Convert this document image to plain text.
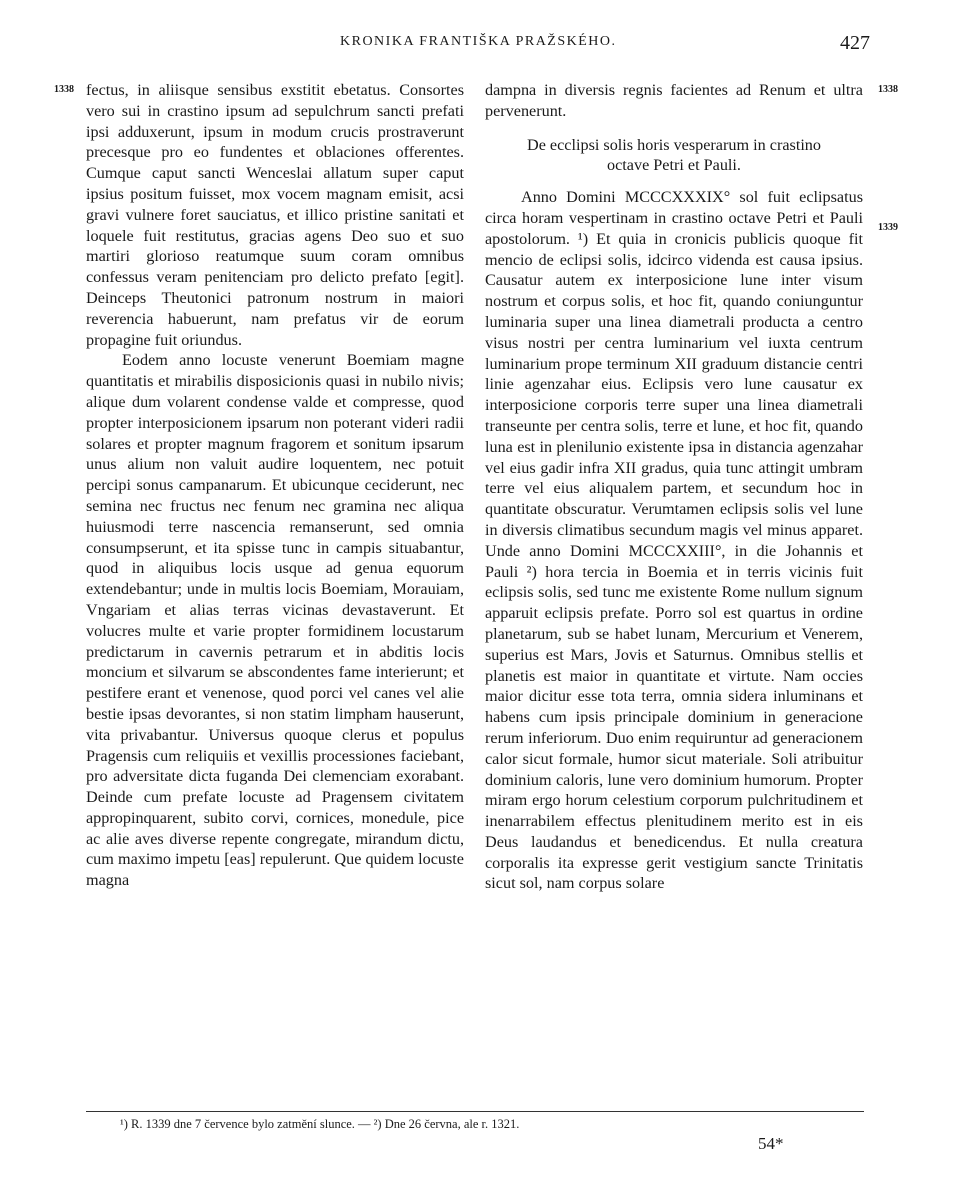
KRONIKA FRANTIŠKA PRAŽSKÉHO.	427
1338	1338
1339

fectus, in aliisque sensibus exstitit ebetatus. Consortes vero sui in crastino ipsum ad sepulchrum sancti prefati ipsi adduxerunt, ipsum in modum crucis prostraverunt precesque pro eo fundentes et oblaciones offerentes. Cumque caput sancti Wenceslai allatum super caput ipsius positum fuisset, mox vocem magnam emisit, acsi gravi vulnere foret sauciatus, et illico pristine sanitati et loquele fuit restitutus, gracias agens Deo suo et suo martiri glorioso reatumque suum coram omnibus confessus veram penitenciam pro delicto prefato [egit]. Deinceps Theutonici patronum nostrum in maiori reverencia habuerunt, nam prefatus vir de eorum propagine fuit oriundus.

Eodem anno locuste venerunt Boemiam magne quantitatis et mirabilis disposicionis quasi in nubilo nivis; alique dum volarent condense valde et compresse, quod propter interposicionem ipsarum non poterant videri radii solares et propter magnum fragorem et sonitum ipsarum unus alium non valuit audire loquentem, nec potuit percipi sonus campanarum. Et ubicunque ceciderunt, nec semina nec fructus nec fenum nec gramina nec aliqua huiusmodi terre nascencia remanserunt, sed omnia consumpserunt, et ita spisse tunc in campis situabantur, quod in aliquibus locis usque ad genua equorum extendebantur; unde in multis locis Boemiam, Morauiam, Vngariam et alias terras vicinas devastaverunt. Et volucres multe et varie propter formidinem locustarum predictarum in cavernis petrarum et in abditis locis moncium et silvarum se abscondentes fame interierunt; et pestifere erant et venenose, quod porci vel canes vel alie bestie ipsas devorantes, si non statim limpham hauserunt, vita privabantur. Universus quoque clerus et populus Pragensis cum reliquiis et vexillis processiones faciebant, pro adversitate dicta fuganda Dei clemenciam exorabant. Deinde cum prefate locuste ad Pragensem civitatem appropinquarent, subito corvi, cornices, monedule, pice ac alie aves diverse repente congregate, mirandum dictu, cum maximo impetu [eas] repulerunt. Que quidem locuste magna

dampna in diversis regnis facientes ad Renum et ultra pervenerunt.

De ecclipsi solis horis vesperarum in crastino
octave Petri et Pauli.

Anno Domini MCCCXXXIX° sol fuit eclipsatus circa horam vespertinam in crastino octave Petri et Pauli apostolorum. ¹) Et quia in cronicis publicis quoque fit mencio de eclipsi solis, idcirco videnda est causa ipsius. Causatur autem ex interposicione lune inter visum nostrum et corpus solis, et hoc fit, quando coniunguntur luminaria super una linea diametrali producta a centro visus nostri per centra luminarium vel iuxta centrum luminarium prope terminum XII graduum distancie centri linie agenzahar eius. Eclipsis vero lune causatur ex interposicione corporis terre super una linea diametrali transeunte per centra solis, terre et lune, et hoc fit, quando luna est in plenilunio existente ipsa in distancia agenzahar vel eius gadir infra XII gradus, quia tunc attingit umbram terre vel eius aliqualem partem, et secundum hoc in quantitate obscuratur. Verumtamen eclipsis solis vel lune in diversis climatibus secundum magis vel minus apparet. Unde anno Domini MCCCXXIII°, in die Johannis et Pauli ²) hora tercia in Boemia et in terris vicinis fuit eclipsis solis, sed tunc me existente Rome nullum signum apparuit eclipsis prefate. Porro sol est quartus in ordine planetarum, sub se habet lunam, Mercurium et Venerem, superius est Mars, Jovis et Saturnus. Omnibus stellis et planetis est maior in quantitate et virtute. Nam occies maior dicitur esse tota terra, omnia sidera inluminans et habens cum ipsis principale dominium in generacione rerum inferiorum. Duo enim requiruntur ad generacionem calor sicut formale, humor sicut materiale. Soli atribuitur dominium caloris, lune vero dominium humorum. Propter miram ergo horum celestium corporum pulchritudinem et inenarrabilem effectus plenitudinem merito est in eis Deus laudandus et benedicendus. Et nulla creatura corporalis ita expresse gerit vestigium sancte Trinitatis sicut sol, nam corpus solare

¹) R. 1339 dne 7 července bylo zatmění slunce. — ²) Dne 26 června, ale r. 1321.
54*
